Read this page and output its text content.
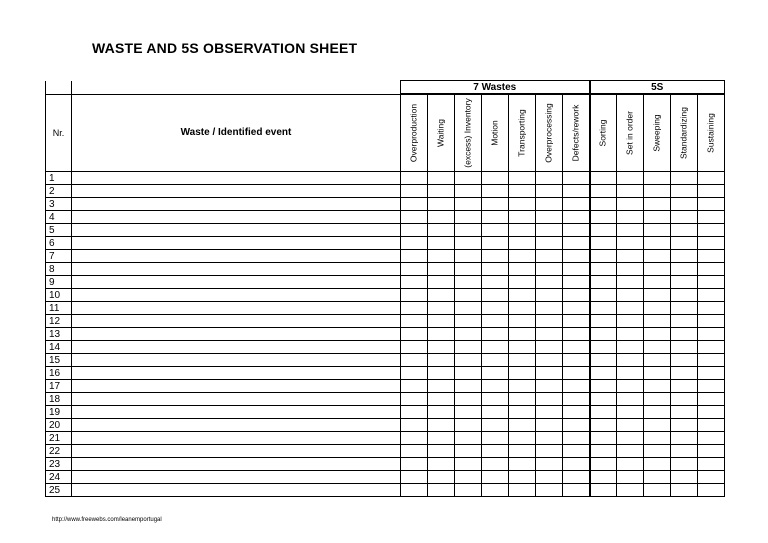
WASTE AND 5S OBSERVATION SHEET
		7 Wastes							5S				
Nr.	Waste / Identified event	Overproduction	Waiting	(excess) Inventory	Motion	Transporting	Overprocessing	Defects/rework	Sorting	Set in order	Sweeping	Standardizing	Sustaining

1													
2													
3													
4													
5													
6													
7													
8													
9													
10													
11													
12													
13													
14													
15													
16													
17													
18													
19													
20													
21													
22													
23													
24													
25													
http://www.freewebs.com/leanemportugal
